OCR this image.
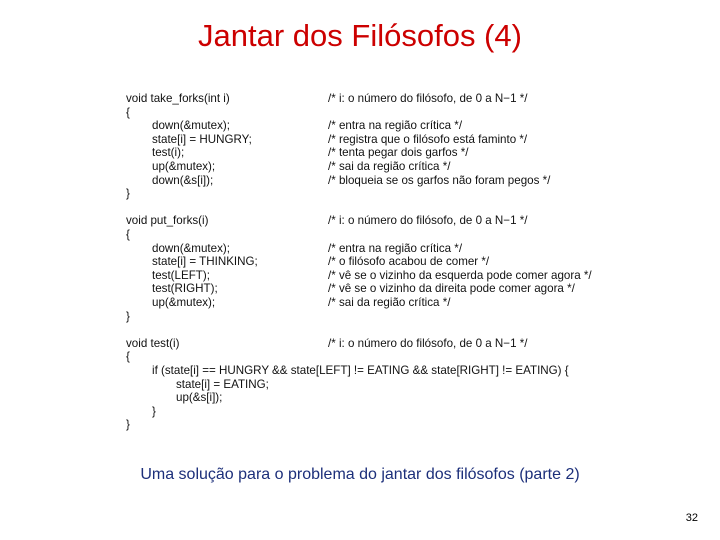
Jantar dos Filósofos (4)
void take_forks(int i)	/* i: o número do filósofo, de 0 a N−1 */
{
down(&mutex);	/* entra na região crítica */
state[i] = HUNGRY;	/* registra que o filósofo está faminto */
test(i);	/* tenta pegar dois garfos */
up(&mutex);	/* sai da região crítica */
down(&s[i]);	/* bloqueia se os garfos não foram pegos */
}
void put_forks(i)	/* i: o número do filósofo, de 0 a N−1 */
{
down(&mutex);	/* entra na região crítica */
state[i] = THINKING;	/* o filósofo acabou de comer */
test(LEFT);	/* vê se o vizinho da esquerda pode comer agora */
test(RIGHT);	/* vê se o vizinho da direita pode comer agora */
up(&mutex);	/* sai da região crítica */
}
void test(i)	/* i: o número do filósofo, de 0 a N−1 */
{
if (state[i] == HUNGRY && state[LEFT] != EATING && state[RIGHT] != EATING) {
state[i] = EATING;
up(&s[i]);
}
}
Uma solução para o problema do jantar dos filósofos (parte 2)
32
